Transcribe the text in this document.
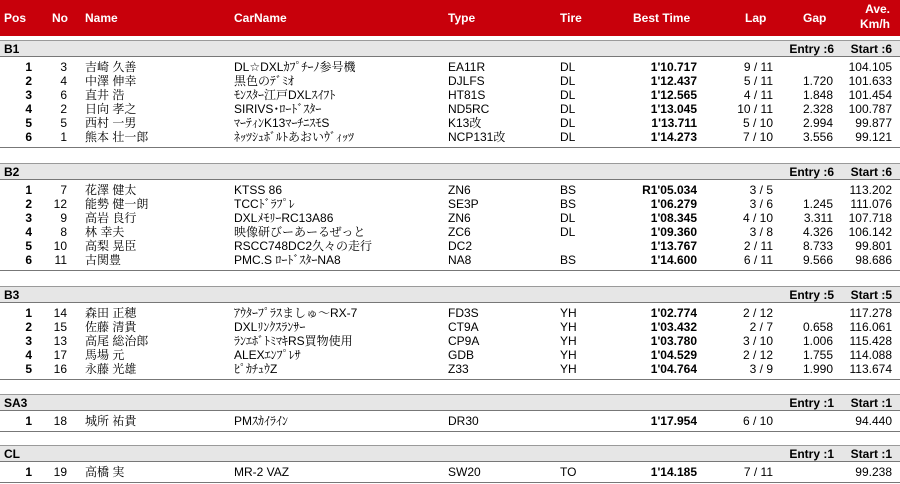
Pos No Name	CarName	Type	Tire	Best Time	Lap	Gap
Ave.
Km/h
B1	Entry :6 Start :6
1 3 吉崎 久善	DL☆DXLｶﾌﾟﾁｰﾉ参号機	EA11R	DL	1'10.717	9 / 11	104.105
2 4 中澤 伸幸	黒色のﾃﾞﾐｵ	DJLFS	DL	1'12.437	5 / 11 1.720 101.633
3 6 直井 浩	ﾓﾝｽﾀｰ江戸DXLｽｲﾌﾄ	HT81S	DL	1'12.565	4 / 11 1.848 101.454
4 2 日向 孝之	SIRIVS･ﾛｰﾄﾞｽﾀｰ	ND5RC	DL	1'13.045	10 / 11 2.328 100.787
5 5 西村 一男	ﾏｰﾃｨﾝK13ﾏｰﾁﾆｽﾓS	K13改	DL	1'13.711	5 / 10 2.994 99.877
6 1 熊本 壮一郎	ﾈｯﾂｼｭﾎﾞﾙﾄあおいｳﾞｨｯﾂ	NCP131改	DL	1'14.273	7 / 10 3.556 99.121
B2	Entry :6 Start :6
1 7 花澤 健太	KTSS 86	ZN6	BS	R1'05.034	3 / 5	113.202
2 12 能勢 健一朗	TCCﾄﾞﾗﾌﾟﾚ	SE3P	BS	1'06.279	3 / 6 1.245 111.076
3 9 高岩 良行	DXLﾒﾓﾘｰRC13A86	ZN6	DL	1'08.345	4 / 10	3.311 107.718
4 8 林 幸夫	映像研びーあーるぜっと	ZC6	DL	1'09.360	3 / 8 4.326 106.142
5 10 高梨 晃臣	RSCC748DC2久々の走行	DC2	1'13.767	2 / 11 8.733 99.801
6 11 古関豊	PMC.S ﾛｰﾄﾞｽﾀｰNA8	NA8	BS	1'14.600	6 / 11 9.566 98.686
B3	Entry :5 Start :5
1 14 森田 正穂	ｱｳﾀｰﾌﾟﾗｽましゅ～RX-7	FD3S	YH	1'02.774	2 / 12	117.278
2 15 佐藤 清貴	DXLﾘﾝｸｽﾗﾝｻｰ	CT9A	YH	1'03.432	2 / 7 0.658 116.061
3 13 高尾 総治郎	ﾗﾝｴﾎﾞﾄﾐﾏｷRS買物使用	CP9A	YH	1'03.780	3 / 10 1.006 115.428
4 17 馬場 元	ALEXｴﾝﾌﾟﾚｻ	GDB	YH	1'04.529	2 / 12 1.755 114.088
5 16 永藤 光雄	ﾋﾟｶﾁｭｳZ	Z33	YH	1'04.764	3 / 9 1.990 113.674
SA3	Entry :1 Start :1
1 18 城所 祐貴	PMｽｶｲﾗｲﾝ	DR30	1'17.954	6 / 10	94.440
CL	Entry :1 Start :1
1 19 高橋 実	MR-2 VAZ	SW20	TO	1'14.185	7 / 11	99.238
